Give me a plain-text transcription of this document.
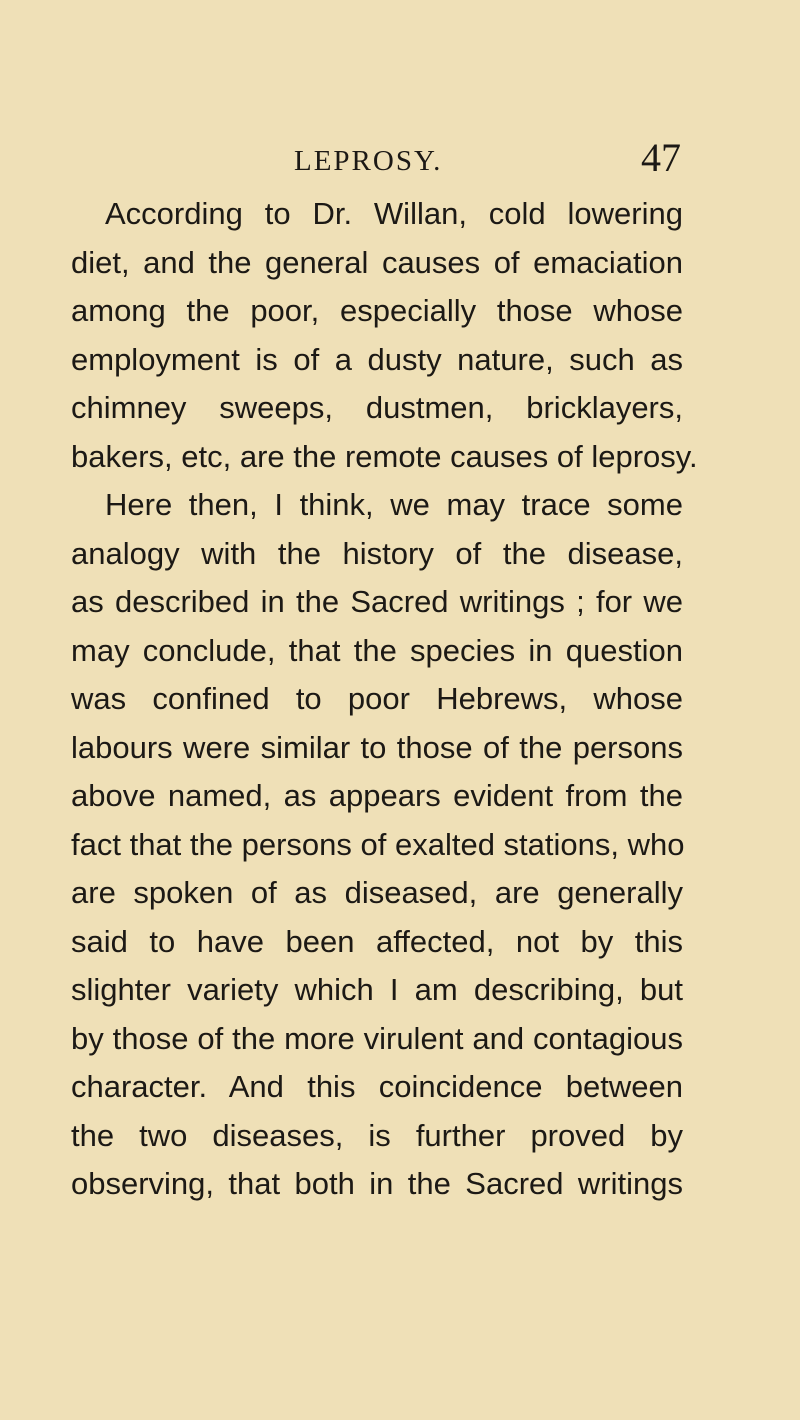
LEPROSY.	47
According to Dr. Willan, cold lowering
diet, and the general causes of emaciation
among the poor, especially those whose
employment is of a dusty nature, such as
chimney sweeps, dustmen, bricklayers,
bakers, etc, are the remote causes of leprosy.
Here then, I think, we may trace some
analogy with the history of the disease,
as described in the Sacred writings ; for we
may conclude, that the species in question
was confined to poor Hebrews, whose
labours were similar to those of the persons
above named, as appears evident from the
fact that the persons of exalted stations, who
are spoken of as diseased, are generally
said to have been affected, not by this
slighter variety which I am describing, but
by those of the more virulent and contagious
character. And this coincidence between
the two diseases, is further proved by
observing, that both in the Sacred writings
